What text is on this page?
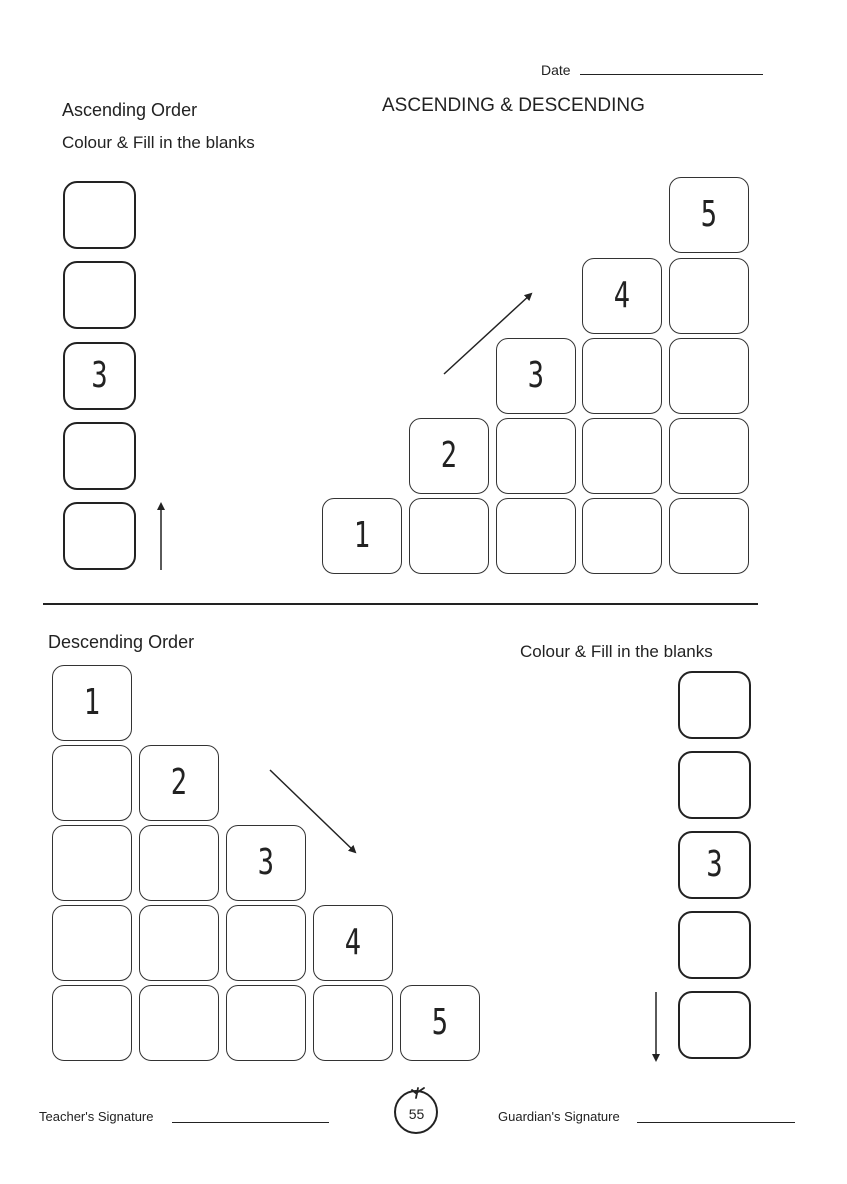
Date
ASCENDING & DESCENDING
Ascending Order
Colour & Fill in the blanks
3
1
2
3
4
5
Descending Order	Colour & Fill in the blanks
1
2
3
4
5
3
Teacher's Signature	55	Guardian's Signature
